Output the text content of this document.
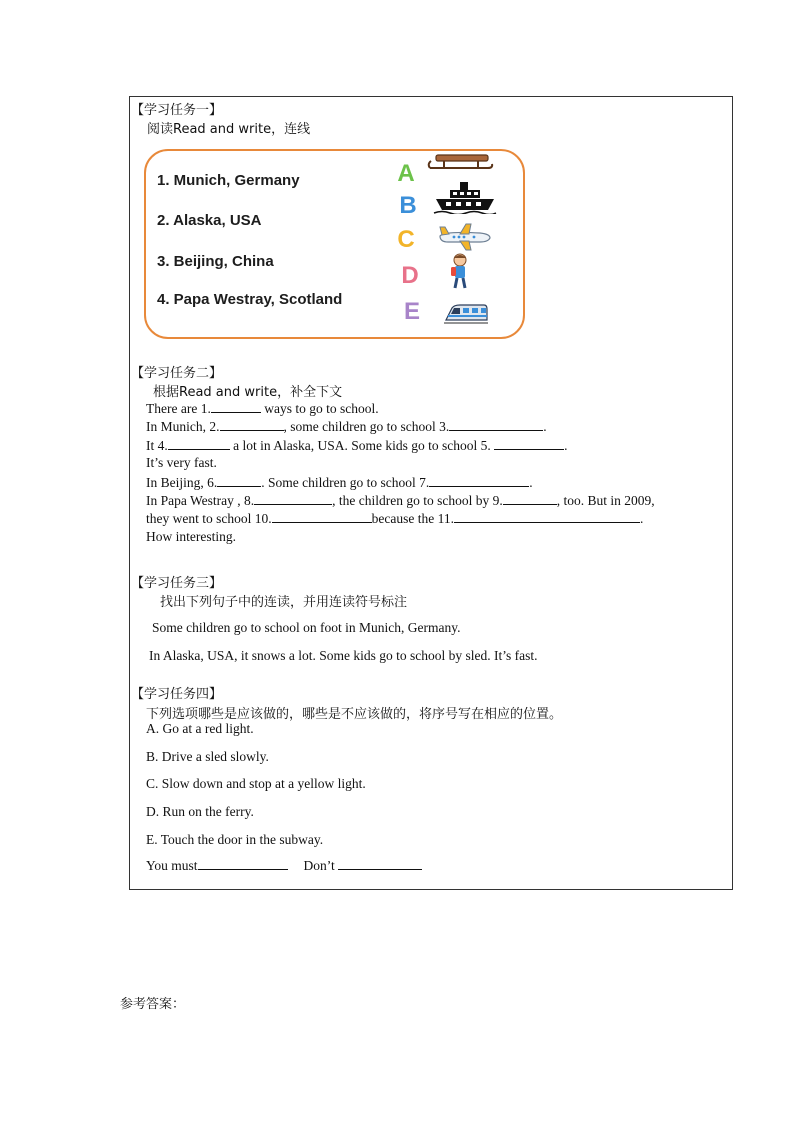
【学习任务一】
阅读Read and write，连线
1. Munich, Germany
2. Alaska, USA
3. Beijing, China
4. Papa Westray, Scotland
A
B
C
D
E
【学习任务二】
根据Read and write，补全下文
There are 1.	ways to go to school.
In Munich, 2.	, some children go to school 3.	.
It 4.	a lot in Alaska, USA. Some kids go to school 5.	.
It’s very fast.
In Beijing, 6.	. Some children go to school 7.	.
In Papa Westray , 8.	, the children go to school by 9.	, too. But in 2009,
they went to school 10.	because the 11.	.
How interesting.
【学习任务三】
找出下列句子中的连读，并用连读符号标注
Some children go to school on foot in Munich, Germany.
In Alaska, USA, it snows a lot. Some kids go to school by sled. It’s fast.
【学习任务四】
下列选项哪些是应该做的，哪些是不应该做的，将序号写在相应的位置。
A. Go at a red light.
B. Drive a sled slowly.
C. Slow down and stop at a yellow light.
D. Run on the ferry.
E. Touch the door in the subway.
You must	Don’t
参考答案：
